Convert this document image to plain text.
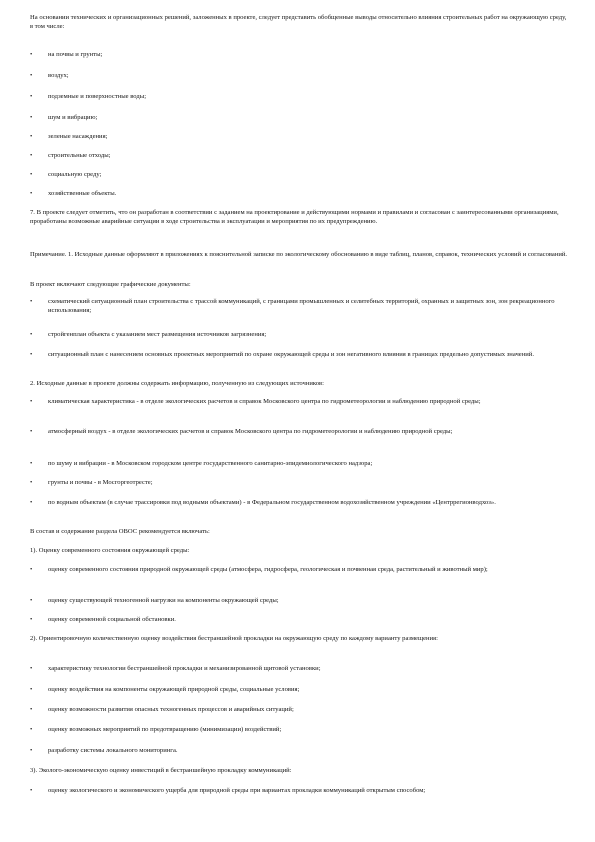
На основании технических и организационных решений, заложенных в проекте, следует представить обобщенные выводы относительно влияния строительных работ на окружающую среду, в том числе:

• на почвы и грунты;
• воздух;
• подземные и поверхностные воды;
• шум и вибрацию;
• зеленые насаждения;
• строительные отходы;
• социальную среду;
• хозяйственные объекты.

7. В проекте следует отметить, что он разработан в соответствии с заданием на проектирование и действующими нормами и правилами и согласован с заинтересованными организациями, проработаны возможные аварийные ситуации в ходе строительства и эксплуатации и мероприятия по их предупреждению.

Примечание. 1. Исходные данные оформляют в приложениях к пояснительной записке по экологическому обоснованию в виде таблиц, планов, справок, технических условий и согласований.

В проект включают следующие графические документы:

• схематический ситуационный план строительства с трассой коммуникаций, с границами промышленных и селитебных территорий, охранных и защитных зон, зон рекреационного использования;
• стройгенплан объекта с указанием мест размещения источников загрязнения;
• ситуационный план с нанесением основных проектных мероприятий по охране окружающей среды и зон негативного влияния в границах предельно допустимых значений.

2. Исходные данные в проекте должны содержать информацию, полученную из следующих источников:

• климатическая характеристика - в отделе экологических расчетов и справок Московского центра по гидрометеорологии и наблюдению природной среды;
• атмосферный воздух - в отделе экологических расчетов и справок Московского центра по гидрометеорологии и наблюдению природной среды;
• по шуму и вибрации - в Московском городском центре государственного санитарно-эпидемиологического надзора;
• грунты и почвы - в Мосгоргеотресте;
• по водным объектам (в случае трассировки под водными объектами) - в Федеральном государственном водохозяйственном учреждении «Центррегионводхоз».

В состав и содержание раздела ОВОС рекомендуется включать:

1). Оценку современного состояния окружающей среды:

• оценку современного состояния природной окружающей среды (атмосфера, гидросфера, геологическая и почвенная среда, растительный и животный мир);
• оценку существующей техногенной нагрузки на компоненты окружающей среды;
• оценку современной социальной обстановки.

2). Ориентировочную количественную оценку воздействия бестраншейной прокладки на окружающую среду по каждому варианту размещения:

• характеристику технологии бестраншейной прокладки и механизированной щитовой установки;
• оценку воздействия на компоненты окружающей природной среды, социальные условия;
• оценку возможности развития опасных техногенных процессов и аварийных ситуаций;
• оценку возможных мероприятий по предотвращению (минимизации) воздействий;
• разработку системы локального мониторинга.

3). Эколого-экономическую оценку инвестиций в бестраншейную прокладку коммуникаций:

• оценку экологического и экономического ущерба для природной среды при вариантах прокладки коммуникаций открытым способом;
